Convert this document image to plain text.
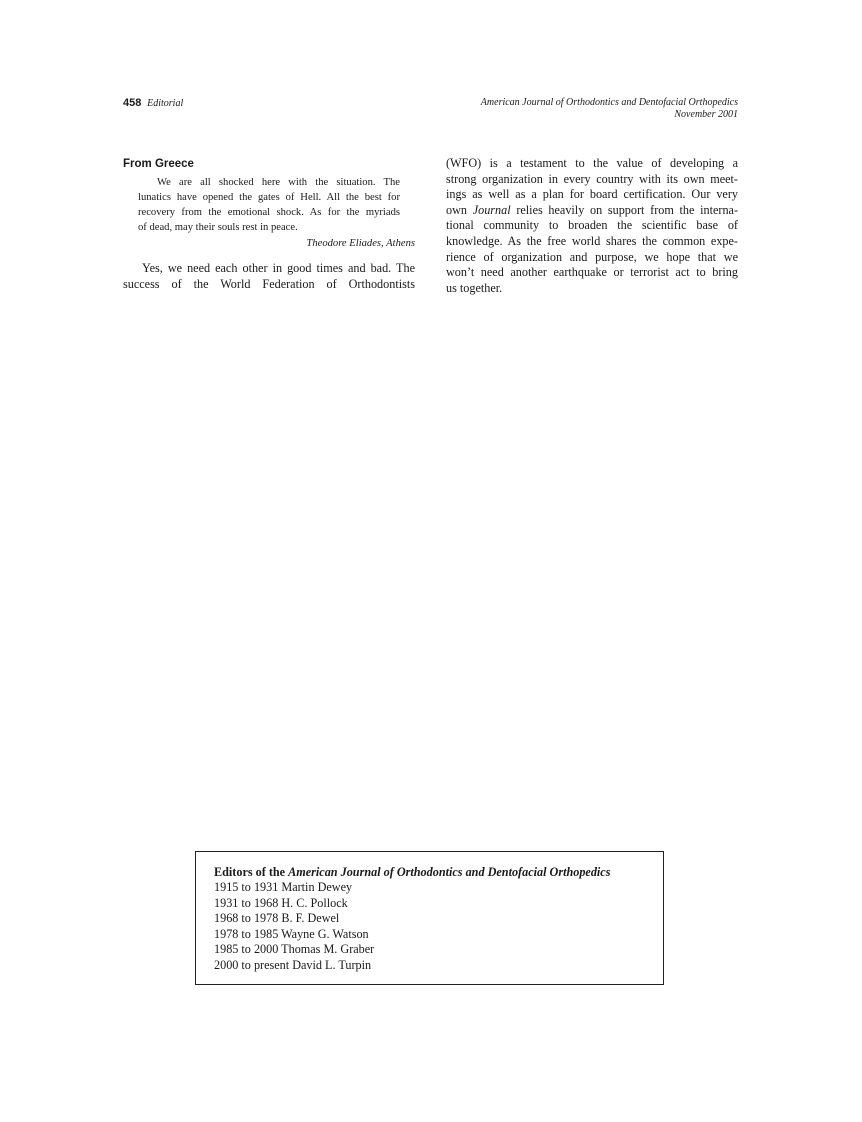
458 Editorial	American Journal of Orthodontics and Dentofacial Orthopedics
November 2001
From Greece
We are all shocked here with the situation. The
lunatics have opened the gates of Hell. All the best for
recovery from the emotional shock. As for the myriads
of dead, may their souls rest in peace.
Theodore Eliades, Athens
Yes, we need each other in good times and bad. The
success of the World Federation of Orthodontists
(WFO) is a testament to the value of developing a
strong organization in every country with its own meet-
ings as well as a plan for board certification. Our very
own Journal relies heavily on support from the interna-
tional community to broaden the scientific base of
knowledge. As the free world shares the common expe-
rience of organization and purpose, we hope that we
won’t need another earthquake or terrorist act to bring
us together.
Editors of the American Journal of Orthodontics and Dentofacial Orthopedics
1915 to 1931 Martin Dewey
1931 to 1968 H. C. Pollock
1968 to 1978 B. F. Dewel
1978 to 1985 Wayne G. Watson
1985 to 2000 Thomas M. Graber
2000 to present David L. Turpin
